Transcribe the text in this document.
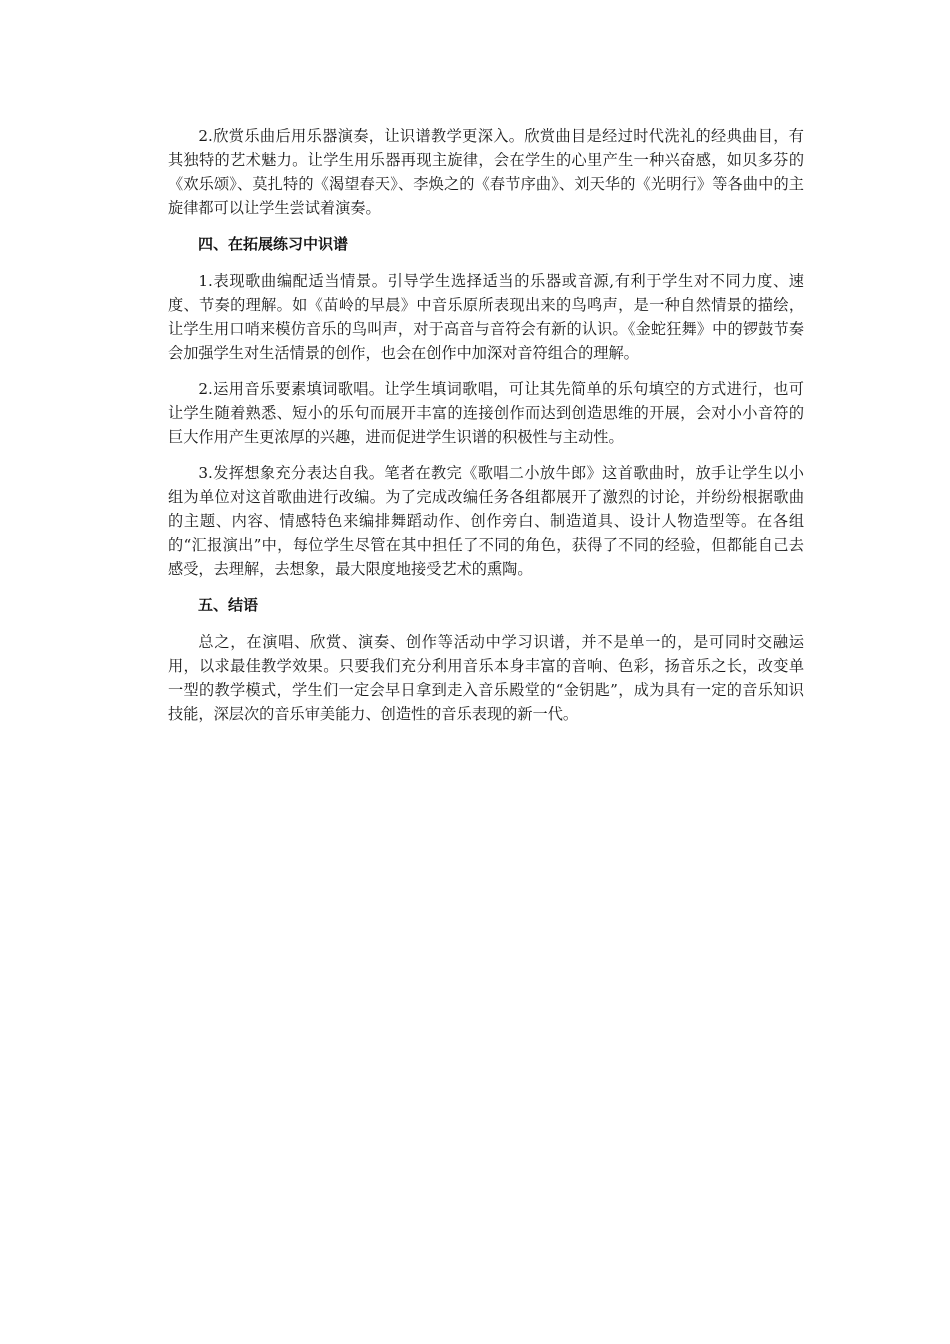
2.欣赏乐曲后用乐器演奏，让识谱教学更深入。欣赏曲目是经过时代洗礼的经典曲目，有其独特的艺术魅力。让学生用乐器再现主旋律，会在学生的心里产生一种兴奋感，如贝多芬的《欢乐颂》、莫扎特的《渴望春天》、李焕之的《春节序曲》、刘天华的《光明行》等各曲中的主旋律都可以让学生尝试着演奏。

四、在拓展练习中识谱

1.表现歌曲编配适当情景。引导学生选择适当的乐器或音源,有利于学生对不同力度、速度、节奏的理解。如《苗岭的早晨》中音乐原所表现出来的鸟鸣声，是一种自然情景的描绘，让学生用口哨来模仿音乐的鸟叫声，对于高音与音符会有新的认识。《金蛇狂舞》中的锣鼓节奏会加强学生对生活情景的创作，也会在创作中加深对音符组合的理解。

2.运用音乐要素填词歌唱。让学生填词歌唱，可让其先简单的乐句填空的方式进行，也可让学生随着熟悉、短小的乐句而展开丰富的连接创作而达到创造思维的开展，会对小小音符的巨大作用产生更浓厚的兴趣，进而促进学生识谱的积极性与主动性。

3.发挥想象充分表达自我。笔者在教完《歌唱二小放牛郎》这首歌曲时，放手让学生以小组为单位对这首歌曲进行改编。为了完成改编任务各组都展开了激烈的讨论，并纷纷根据歌曲的主题、内容、情感特色来编排舞蹈动作、创作旁白、制造道具、设计人物造型等。在各组的“汇报演出”中，每位学生尽管在其中担任了不同的角色，获得了不同的经验，但都能自己去感受，去理解，去想象，最大限度地接受艺术的熏陶。

五、结语

总之，在演唱、欣赏、演奏、创作等活动中学习识谱，并不是单一的，是可同时交融运用，以求最佳教学效果。只要我们充分利用音乐本身丰富的音响、色彩，扬音乐之长，改变单一型的教学模式，学生们一定会早日拿到走入音乐殿堂的“金钥匙”，成为具有一定的音乐知识技能，深层次的音乐审美能力、创造性的音乐表现的新一代。
